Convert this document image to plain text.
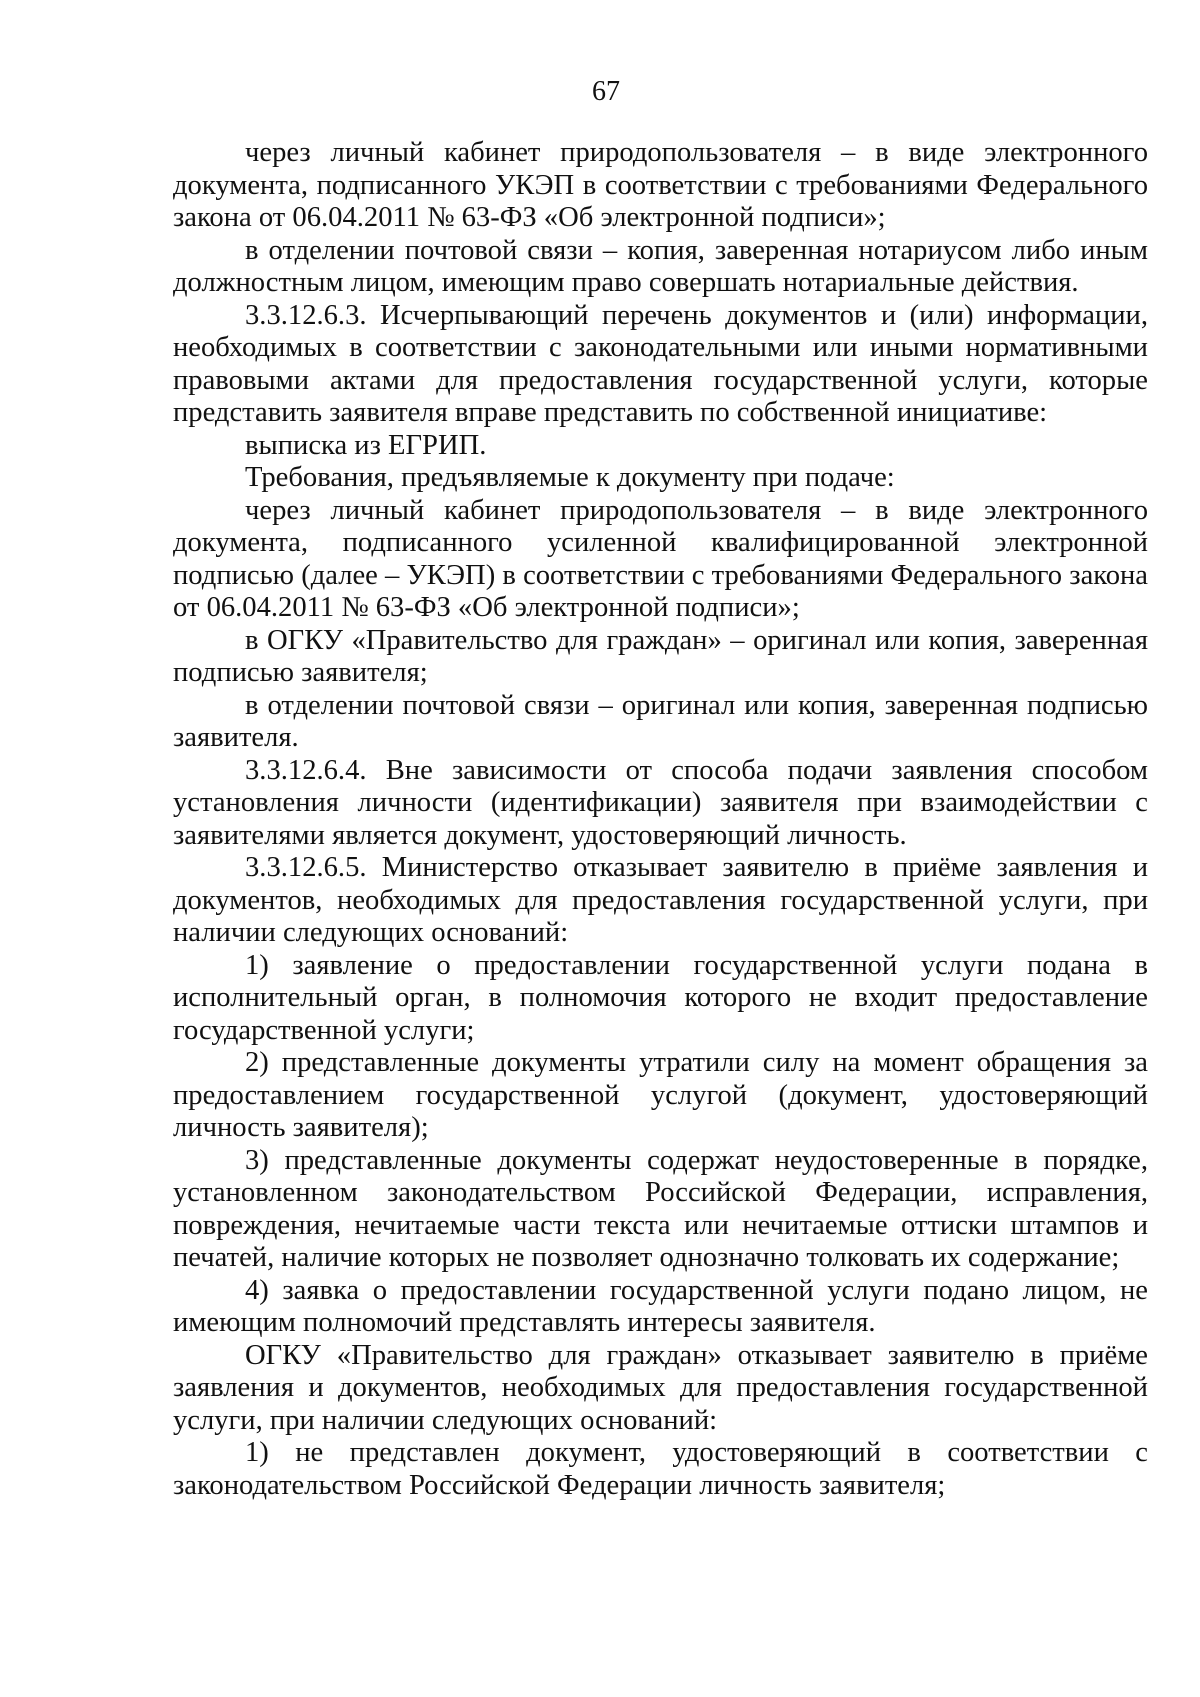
67

через личный кабинет природопользователя – в виде электронного документа, подписанного УКЭП в соответствии с требованиями Федерального закона от 06.04.2011 № 63-ФЗ «Об электронной подписи»;

в отделении почтовой связи – копия, заверенная нотариусом либо иным должностным лицом, имеющим право совершать нотариальные действия.

3.3.12.6.3. Исчерпывающий перечень документов и (или) информации, необходимых в соответствии с законодательными или иными нормативными правовыми актами для предоставления государственной услуги, которые представить заявителя вправе представить по собственной инициативе:

выписка из ЕГРИП.

Требования, предъявляемые к документу при подаче:

через личный кабинет природопользователя – в виде электронного документа, подписанного усиленной квалифицированной электронной подписью (далее – УКЭП) в соответствии с требованиями Федерального закона от 06.04.2011 № 63-ФЗ «Об электронной подписи»;

в ОГКУ «Правительство для граждан» – оригинал или копия, заверенная подписью заявителя;

в отделении почтовой связи – оригинал или копия, заверенная подписью заявителя.

3.3.12.6.4. Вне зависимости от способа подачи заявления способом установления личности (идентификации) заявителя при взаимодействии с заявителями является документ, удостоверяющий личность.

3.3.12.6.5. Министерство отказывает заявителю в приёме заявления и документов, необходимых для предоставления государственной услуги, при наличии следующих оснований:

1) заявление о предоставлении государственной услуги подана в исполнительный орган, в полномочия которого не входит предоставление государственной услуги;

2) представленные документы утратили силу на момент обращения за предоставлением государственной услугой (документ, удостоверяющий личность заявителя);

3) представленные документы содержат неудостоверенные в порядке, установленном законодательством Российской Федерации, исправления, повреждения, нечитаемые части текста или нечитаемые оттиски штампов и печатей, наличие которых не позволяет однозначно толковать их содержание;

4) заявка о предоставлении государственной услуги подано лицом, не имеющим полномочий представлять интересы заявителя.

ОГКУ «Правительство для граждан» отказывает заявителю в приёме заявления и документов, необходимых для предоставления государственной услуги, при наличии следующих оснований:

1) не представлен документ, удостоверяющий в соответствии с законодательством Российской Федерации личность заявителя;
